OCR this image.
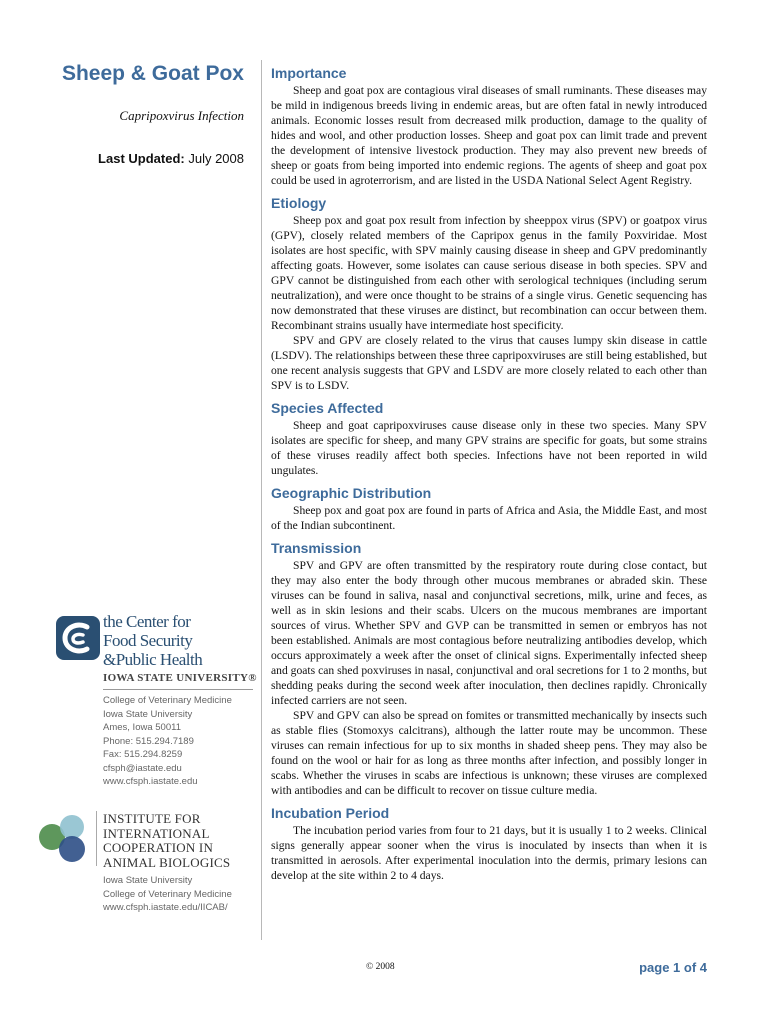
Sheep & Goat Pox
Capripoxvirus Infection
Last Updated: July 2008
the Center for
Food Security
&Public Health
IOWA STATE UNIVERSITY®
College of Veterinary Medicine
Iowa State University
Ames, Iowa 50011
Phone: 515.294.7189
Fax: 515.294.8259
cfsph@iastate.edu
www.cfsph.iastate.edu
INSTITUTE FOR
INTERNATIONAL
COOPERATION IN
ANIMAL BIOLOGICS
Iowa State University
College of Veterinary Medicine
www.cfsph.iastate.edu/IICAB/
Importance

Sheep and goat pox are contagious viral diseases of small ruminants. These diseases may be mild in indigenous breeds living in endemic areas, but are often fatal in newly introduced animals. Economic losses result from decreased milk production, damage to the quality of hides and wool, and other production losses. Sheep and goat pox can limit trade and prevent the development of intensive livestock production. They may also prevent new breeds of sheep or goats from being imported into endemic regions. The agents of sheep and goat pox could be used in agroterrorism, and are listed in the USDA National Select Agent Registry.

Etiology

Sheep pox and goat pox result from infection by sheeppox virus (SPV) or goatpox virus (GPV), closely related members of the Capripox genus in the family Poxviridae. Most isolates are host specific, with SPV mainly causing disease in sheep and GPV predominantly affecting goats. However, some isolates can cause serious disease in both species. SPV and GPV cannot be distinguished from each other with serological techniques (including serum neutralization), and were once thought to be strains of a single virus. Genetic sequencing has now demonstrated that these viruses are distinct, but recombination can occur between them. Recombinant strains usually have intermediate host specificity.

SPV and GPV are closely related to the virus that causes lumpy skin disease in cattle (LSDV). The relationships between these three capripoxviruses are still being established, but one recent analysis suggests that GPV and LSDV are more closely related to each other than SPV is to LSDV.

Species Affected

Sheep and goat capripoxviruses cause disease only in these two species. Many SPV isolates are specific for sheep, and many GPV strains are specific for goats, but some strains of these viruses readily affect both species. Infections have not been reported in wild ungulates.

Geographic Distribution

Sheep pox and goat pox are found in parts of Africa and Asia, the Middle East, and most of the Indian subcontinent.

Transmission

SPV and GPV are often transmitted by the respiratory route during close contact, but they may also enter the body through other mucous membranes or abraded skin. These viruses can be found in saliva, nasal and conjunctival secretions, milk, urine and feces, as well as in skin lesions and their scabs. Ulcers on the mucous membranes are important sources of virus. Whether SPV and GVP can be transmitted in semen or embryos has not been established. Animals are most contagious before neutralizing antibodies develop, which occurs approximately a week after the onset of clinical signs. Experimentally infected sheep and goats can shed poxviruses in nasal, conjunctival and oral secretions for 1 to 2 months, but shedding peaks during the second week after inoculation, then declines rapidly. Chronically infected carriers are not seen.

SPV and GPV can also be spread on fomites or transmitted mechanically by insects such as stable flies (Stomoxys calcitrans), although the latter route may be uncommon. These viruses can remain infectious for up to six months in shaded sheep pens. They may also be found on the wool or hair for as long as three months after infection, and possibly longer in scabs. Whether the viruses in scabs are infectious is unknown; these viruses are complexed with antibodies and can be difficult to recover on tissue culture media.

Incubation Period

The incubation period varies from four to 21 days, but it is usually 1 to 2 weeks. Clinical signs generally appear sooner when the virus is inoculated by insects than when it is transmitted in aerosols. After experimental inoculation into the dermis, primary lesions can develop at the site within 2 to 4 days.

© 2008	page 1 of 4
